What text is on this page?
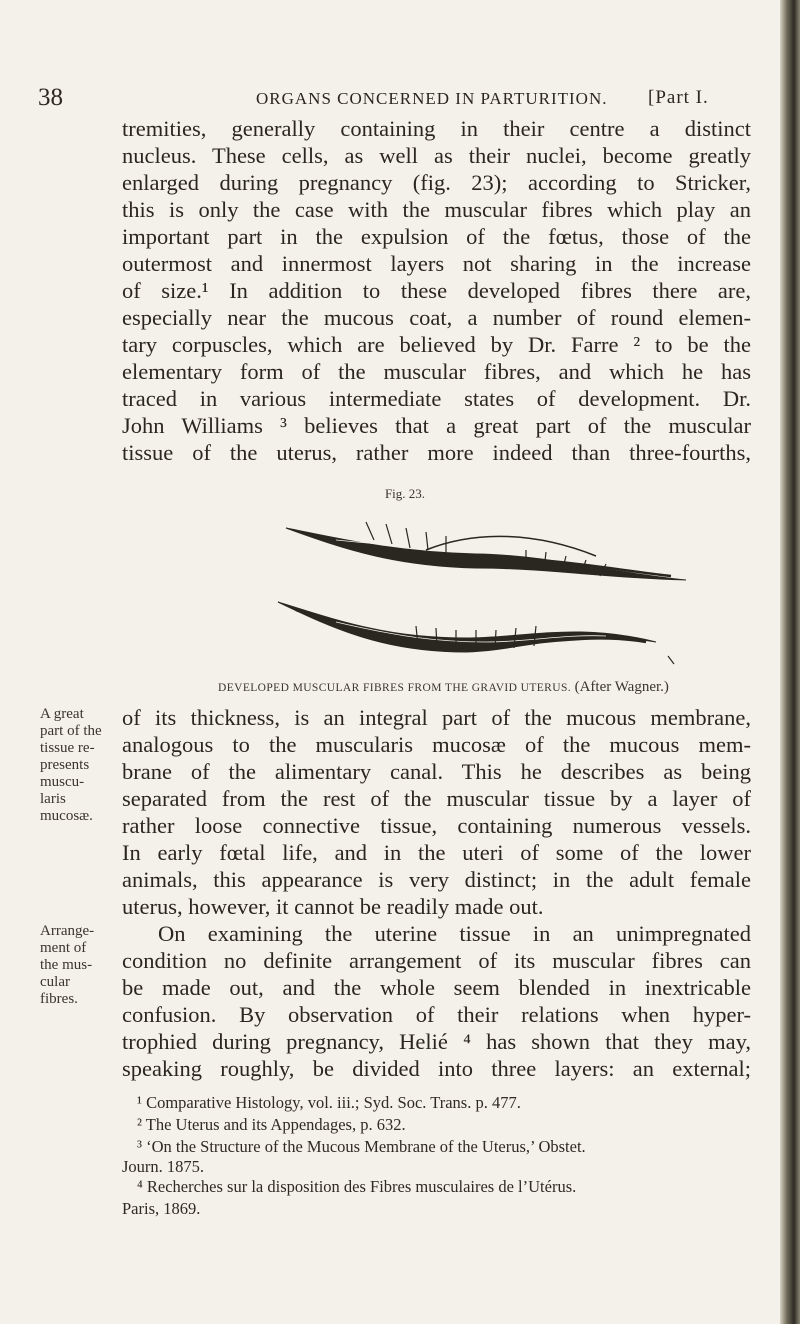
38	ORGANS CONCERNED IN PARTURITION. [Part I.
tremities, generally containing in their centre a distinct
nucleus. These cells, as well as their nuclei, become greatly
enlarged during pregnancy (fig. 23); according to Stricker,
this is only the case with the muscular fibres which play an
important part in the expulsion of the fœtus, those of the
outermost and innermost layers not sharing in the increase
of size.¹ In addition to these developed fibres there are,
especially near the mucous coat, a number of round elemen-
tary corpuscles, which are believed by Dr. Farre ² to be the
elementary form of the muscular fibres, and which he has
traced in various intermediate states of development. Dr.
John Williams ³ believes that a great part of the muscular
tissue of the uterus, rather more indeed than three-fourths,
Fig. 23.
DEVELOPED MUSCULAR FIBRES FROM THE GRAVID UTERUS. (After Wagner.)
of its thickness, is an integral part of the mucous membrane,
analogous to the muscularis mucosæ of the mucous mem-
brane of the alimentary canal. This he describes as being
separated from the rest of the muscular tissue by a layer of
rather loose connective tissue, containing numerous vessels.
In early fœtal life, and in the uteri of some of the lower
animals, this appearance is very distinct; in the adult female
uterus, however, it cannot be readily made out.
On examining the uterine tissue in an unimpregnated
condition no definite arrangement of its muscular fibres can
be made out, and the whole seem blended in inextricable
confusion. By observation of their relations when hyper-
trophied during pregnancy, Helié ⁴ has shown that they may,
speaking roughly, be divided into three layers: an external;
A great
part of the
tissue re-
presents
muscu-
laris
mucosæ.
Arrange-
ment of
the mus-
cular
fibres.
¹ Comparative Histology, vol. iii.; Syd. Soc. Trans. p. 477.
² The Uterus and its Appendages, p. 632.
³ ‘On the Structure of the Mucous Membrane of the Uterus,’ Obstet.
Journ. 1875.
⁴ Recherches sur la disposition des Fibres musculaires de l’Utérus.
Paris, 1869.
